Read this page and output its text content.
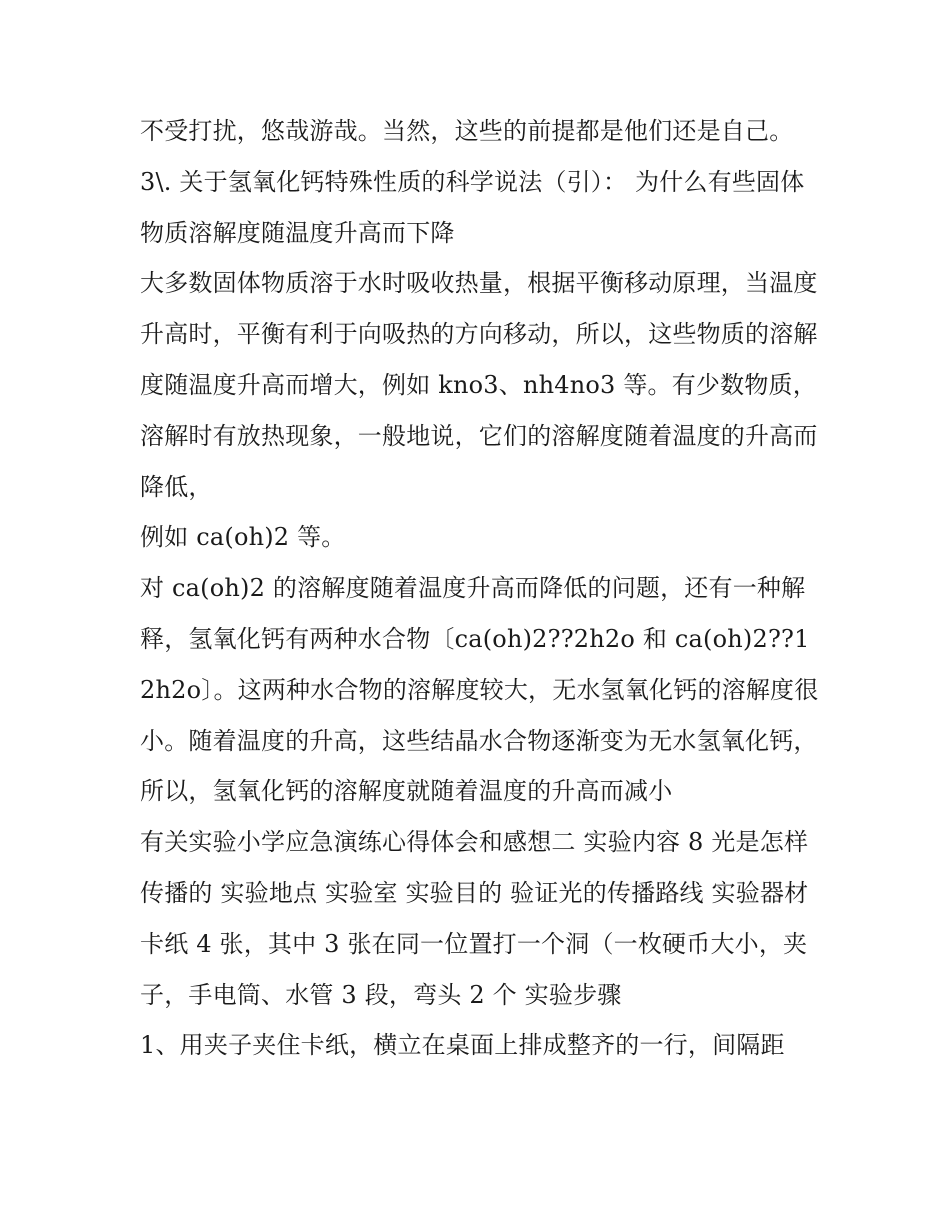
不受打扰，悠哉游哉。当然，这些的前提都是他们还是自己。

3\. 关于氢氧化钙特殊性质的科学说法（引）： 为什么有些固体物质溶解度随温度升高而下降

大多数固体物质溶于水时吸收热量，根据平衡移动原理，当温度升高时，平衡有利于向吸热的方向移动，所以，这些物质的溶解度随温度升高而增大，例如 kno3、nh4no3 等。有少数物质，溶解时有放热现象，一般地说，它们的溶解度随着温度的升高而降低，

例如 ca(oh)2 等。

对 ca(oh)2 的溶解度随着温度升高而降低的问题，还有一种解释，氢氧化钙有两种水合物〔ca(oh)2??2h2o 和 ca(oh)2??12h2o〕。这两种水合物的溶解度较大，无水氢氧化钙的溶解度很小。随着温度的升高，这些结晶水合物逐渐变为无水氢氧化钙，所以，氢氧化钙的溶解度就随着温度的升高而减小

有关实验小学应急演练心得体会和感想二 实验内容 8 光是怎样传播的 实验地点 实验室 实验目的 验证光的传播路线 实验器材

卡纸 4 张，其中 3 张在同一位置打一个洞（一枚硬币大小，夹子，手电筒、水管 3 段，弯头 2 个 实验步骤

1、用夹子夹住卡纸，横立在桌面上排成整齐的一行，间隔距
